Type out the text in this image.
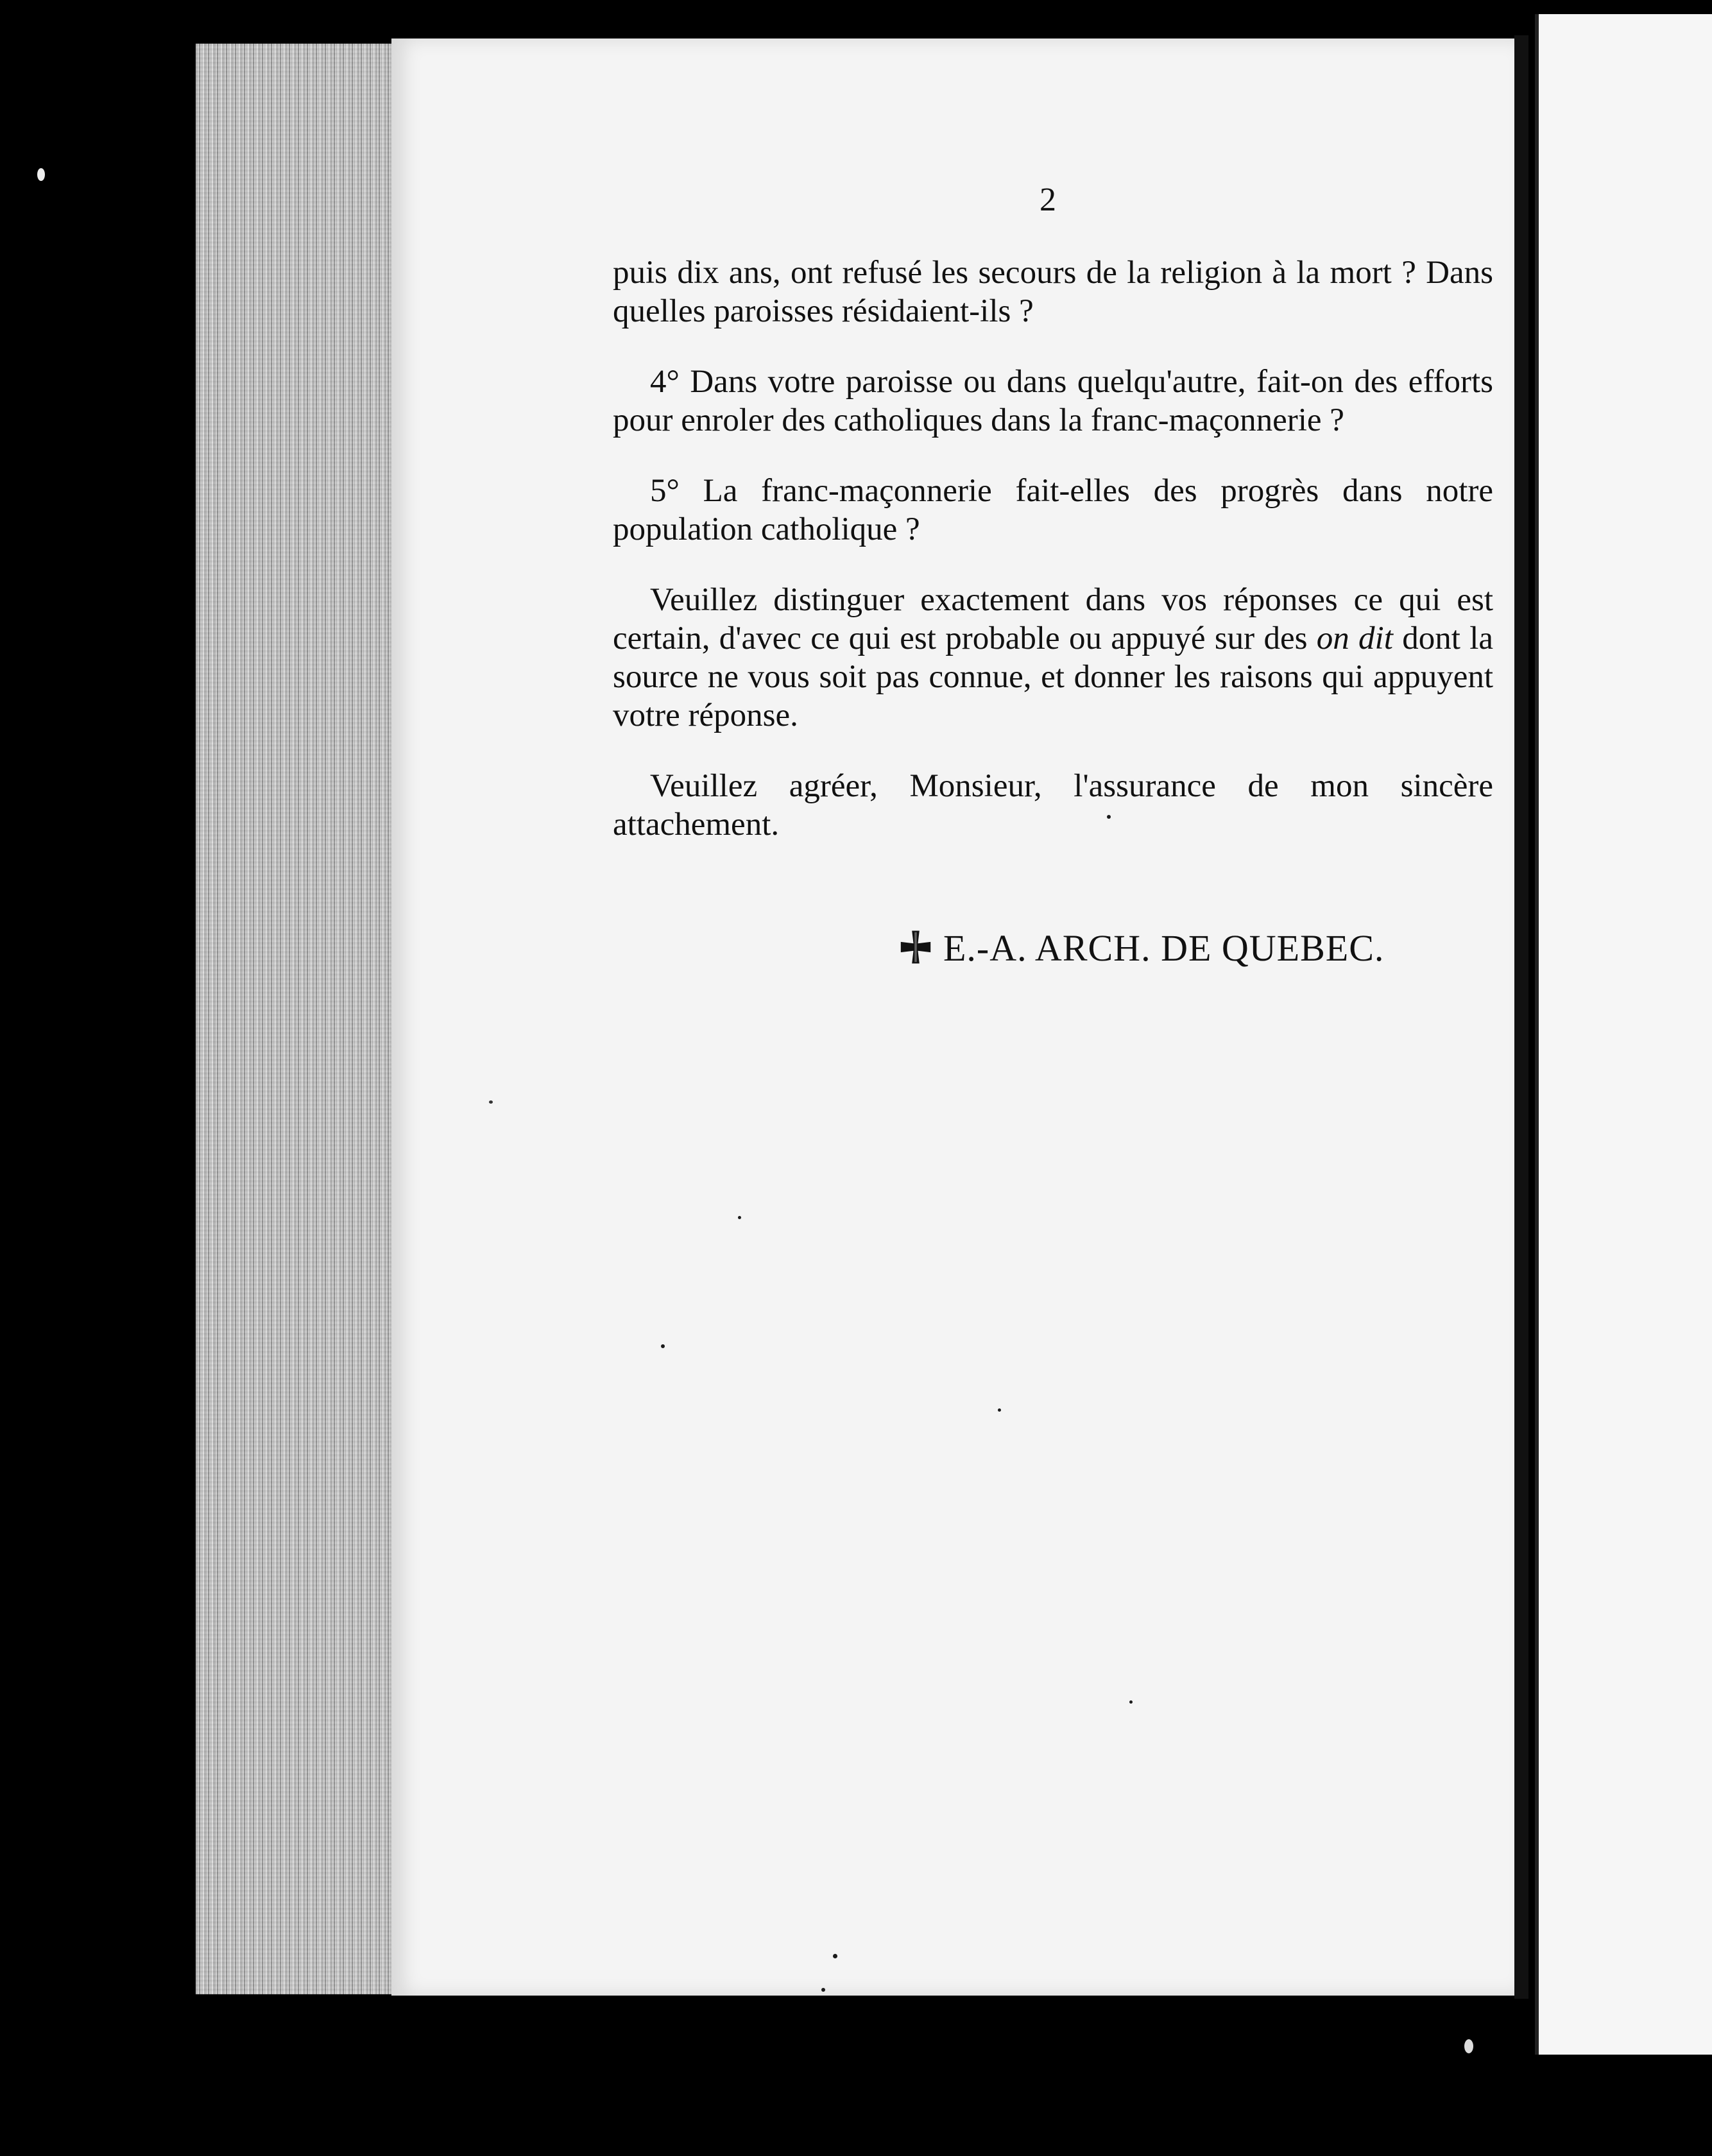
2

puis dix ans, ont refusé les secours de la religion à la mort ? Dans quelles paroisses résidaient-ils ?

4° Dans votre paroisse ou dans quelqu'autre, fait-on des efforts pour enroler des catholiques dans la franc-maçonnerie ?

5° La franc-maçonnerie fait-elles des progrès dans notre population catholique ?

Veuillez distinguer exactement dans vos réponses ce qui est certain, d'avec ce qui est probable ou appuyé sur des on dit dont la source ne vous soit pas connue, et donner les raisons qui appuyent votre réponse.

Veuillez agréer, Monsieur, l'assurance de mon sincère attachement.

E.-A. ARCH. DE QUEBEC.
